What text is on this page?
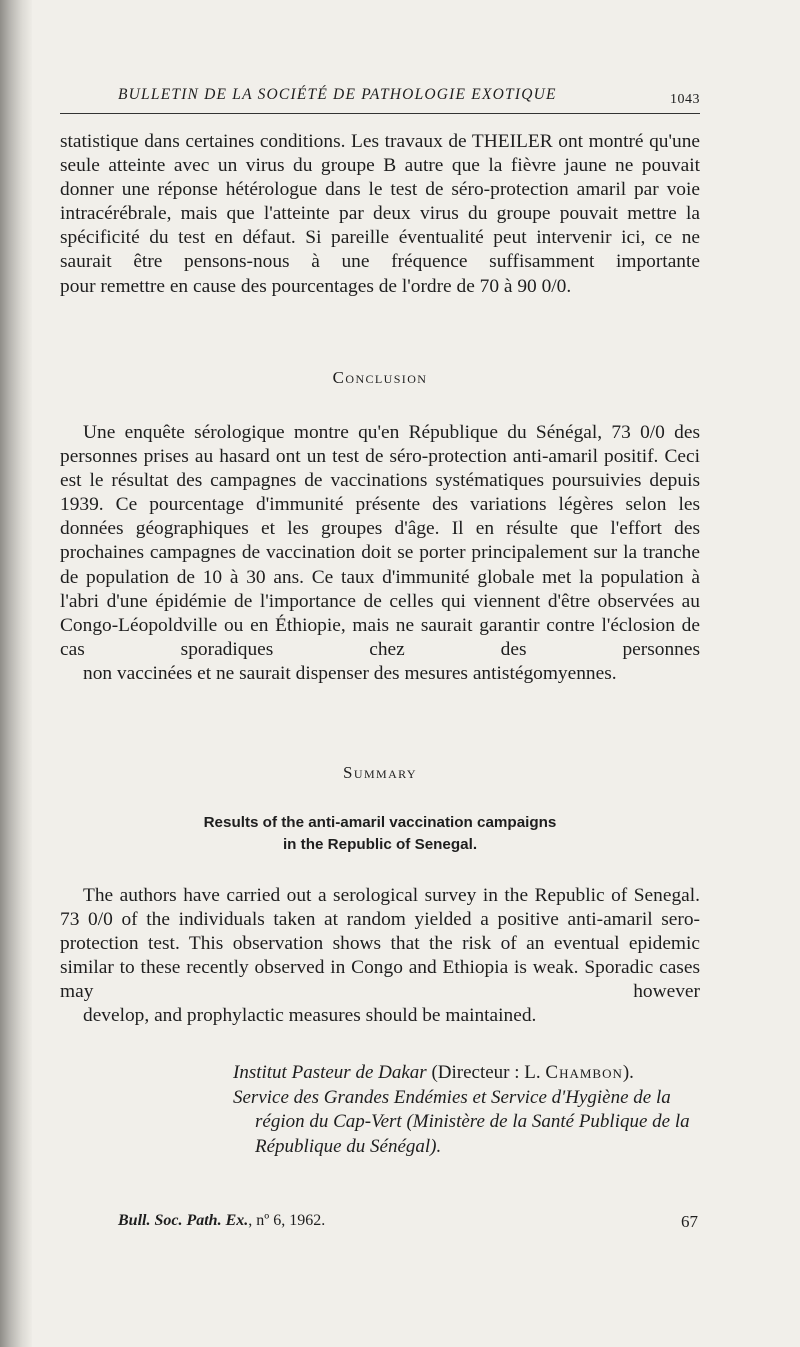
BULLETIN DE LA SOCIÉTÉ DE PATHOLOGIE EXOTIQUE	1043

statistique dans certaines conditions. Les travaux de THEILER ont montré qu'une seule atteinte avec un virus du groupe B autre que la fièvre jaune ne pouvait donner une réponse hétérologue dans le test de séro-protection amaril par voie intracérébrale, mais que l'atteinte par deux virus du groupe pouvait mettre la spécificité du test en défaut. Si pareille éventualité peut intervenir ici, ce ne saurait être pensons-nous à une fréquence suffisamment importante
pour remettre en cause des pourcentages de l'ordre de 70 à 90 0/0.

Conclusion

Une enquête sérologique montre qu'en République du Sénégal, 73 0/0 des personnes prises au hasard ont un test de séro-protection anti-amaril positif. Ceci est le résultat des campagnes de vaccinations systématiques poursuivies depuis 1939. Ce pourcentage d'immunité présente des variations légères selon les données géographiques et les groupes d'âge. Il en résulte que l'effort des prochaines campagnes de vaccination doit se porter principalement sur la tranche de population de 10 à 30 ans. Ce taux d'immunité globale met la population à l'abri d'une épidémie de l'importance de celles qui viennent d'être observées au Congo-Léopoldville ou en Éthiopie, mais ne saurait garantir contre l'éclosion de cas sporadiques chez des personnes
non vaccinées et ne saurait dispenser des mesures antistégomyennes.

Summary
Results of the anti-amaril vaccination campaigns
in the Republic of Senegal.

The authors have carried out a serological survey in the Republic of Senegal. 73 0/0 of the individuals taken at random yielded a positive anti-amaril sero-protection test. This observation shows that the risk of an eventual epidemic similar to these recently observed in Congo and Ethiopia is weak. Sporadic cases may however
develop, and prophylactic measures should be maintained.

Institut Pasteur de Dakar (Directeur : L. Chambon).

Service des Grandes Endémies et Service d'Hygiène de la région du Cap-Vert (Ministère de la Santé Publique de la République du Sénégal).

Bull. Soc. Path. Ex., nº 6, 1962.	67
